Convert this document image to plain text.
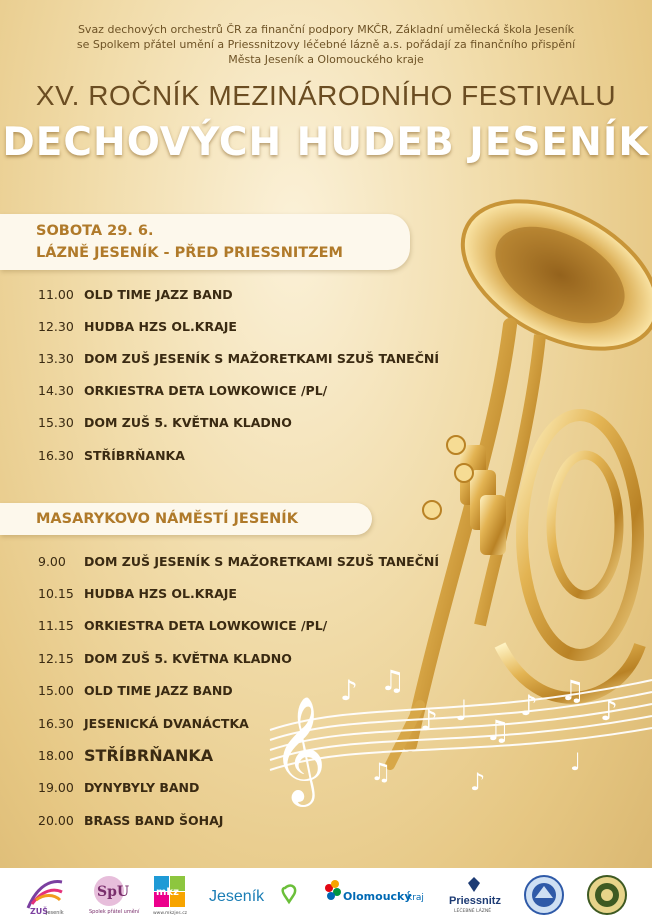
Svaz dechových orchestrů ČR za finanční podpory MKČR, Základní umělecká škola Jeseník
se Spolkem přátel umění a Priessnitzovy léčebné lázně a.s. pořádají za finančního přispění
Města Jeseník a Olomouckého kraje
XV. ROČNÍK MEZINÁRODNÍHO FESTIVALU
DECHOVÝCH HUDEB JESENÍK
𝄞
♪ ♫
♪ ♩
♫
♪ ♫
♪
♫	♪
♩
SOBOTA 29. 6.
LÁZNĚ JESENÍK - PŘED PRIESSNITZEM
11.00 OLD TIME JAZZ BAND
12.30 HUDBA HZS OL.KRAJE
13.30 DOM ZUŠ JESENÍK S MAŽORETKAMI SZUŠ TANEČNÍ
14.30 ORKIESTRA DETA LOWKOWICE /PL/
15.30 DOM ZUŠ 5. KVĚTNA KLADNO
16.30 STŘÍBRŇANKA
MASARYKOVO NÁMĚSTÍ JESENÍK
9.00	DOM ZUŠ JESENÍK S MAŽORETKAMI SZUŠ TANEČNÍ
10.15 HUDBA HZS OL.KRAJE
11.15 ORKIESTRA DETA LOWKOWICE /PL/
12.15 DOM ZUŠ 5. KVĚTNA KLADNO
15.00 OLD TIME JAZZ BAND
16.30 JESENICKÁ DVANÁCTKA
18.00 STŘÍBRŇANKA
19.00 DYNYBYLY BAND
20.00 BRASS BAND ŠOHAJ
ZUŠ
Jeseník
SpU
Spolek přátel umění
mkz
www.mkzjes.cz
Jeseník	Olomoucký
kraj Priessnitz
LÉČEBNÉ LÁZNĚ
